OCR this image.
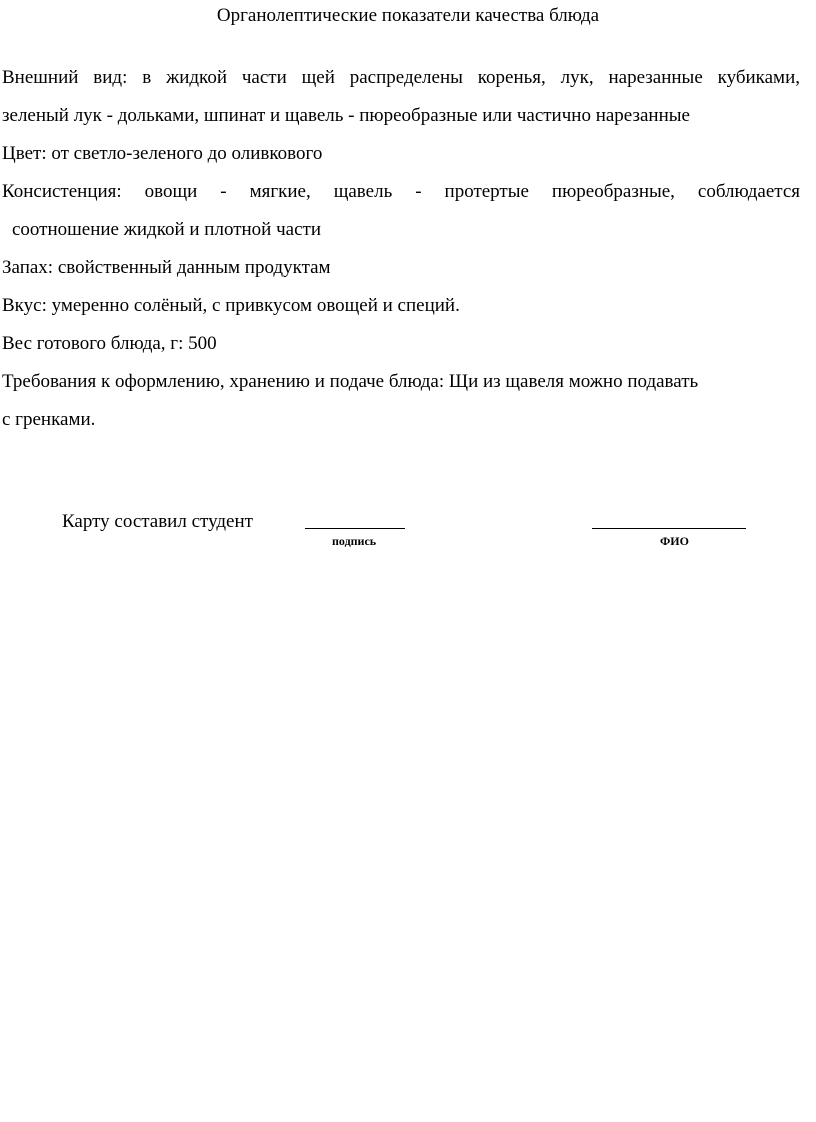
Органолептические показатели качества блюда
Внешний вид: в жидкой части щей распределены коренья, лук, нарезанные кубиками,
зеленый лук - дольками, шпинат и щавель - пюреобразные или частично нарезанные
Цвет: от светло-зеленого до оливкового
Консистенция: овощи - мягкие, щавель - протертые пюреобразные, соблюдается
соотношение жидкой и плотной части
Запах: свойственный данным продуктам
Вкус: умеренно солёный, с привкусом овощей и специй.
Вес готового блюда, г: 500
Требования к оформлению, хранению и подаче блюда: Щи из щавеля можно подавать
с гренками.
Карту составил студент
подпись	ФИО
